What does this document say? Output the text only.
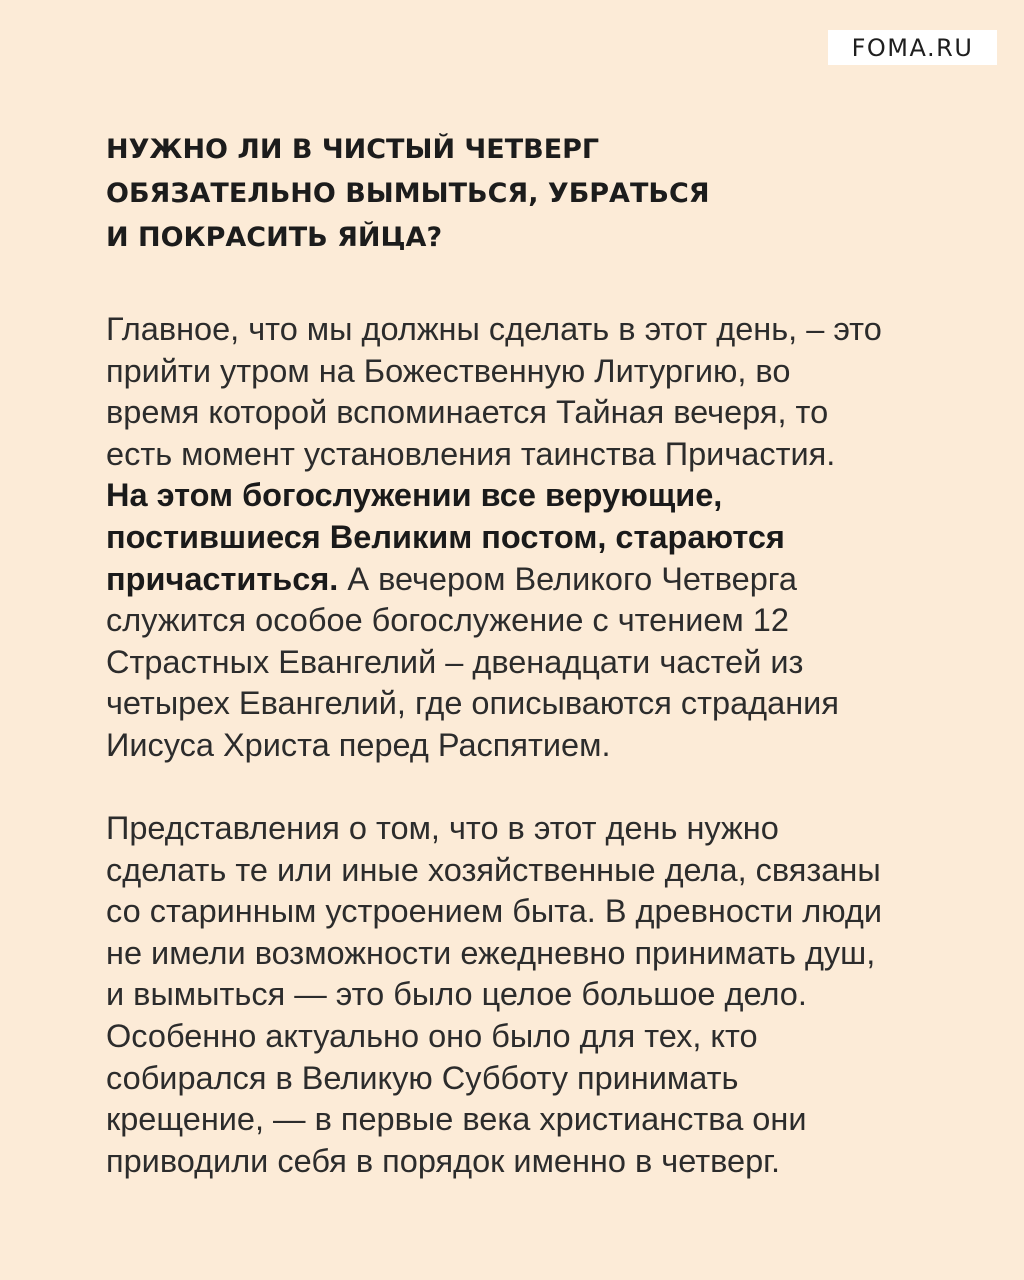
FOMA.RU
НУЖНО ЛИ В ЧИСТЫЙ ЧЕТВЕРГ
ОБЯЗАТЕЛЬНО ВЫМЫТЬСЯ, УБРАТЬСЯ
И ПОКРАСИТЬ ЯЙЦА?

Главное, что мы должны сделать в этот день, – это
прийти утром на Божественную Литургию, во
время которой вспоминается Тайная вечеря, то
есть момент установления таинства Причастия.
На этом богослужении все верующие,
постившиеся Великим постом, стараются
причаститься. А вечером Великого Четверга
служится особое богослужение с чтением 12
Страстных Евангелий – двенадцати частей из
четырех Евангелий, где описываются страдания
Иисуса Христа перед Распятием.

Представления о том, что в этот день нужно
сделать те или иные хозяйственные дела, связаны
со старинным устроением быта. В древности люди
не имели возможности ежедневно принимать душ,
и вымыться — это было целое большое дело.
Особенно актуально оно было для тех, кто
собирался в Великую Субботу принимать
крещение, — в первые века христианства они
приводили себя в порядок именно в четверг.
